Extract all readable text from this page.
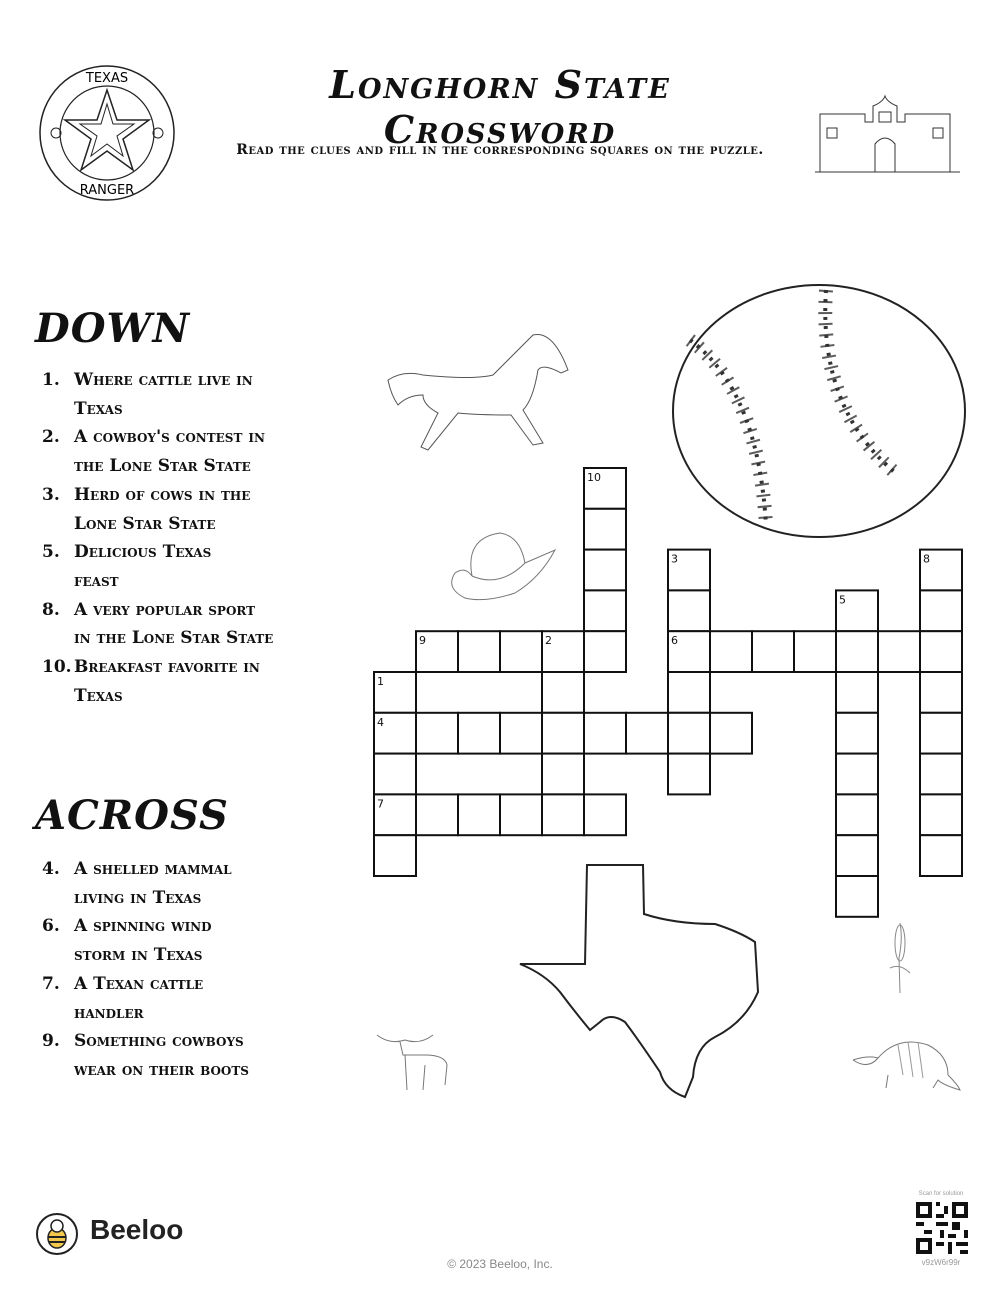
TEXAS
RANGER
Longhorn State Crossword
Read the clues and fill in the corresponding squares on the puzzle.
DOWN
1. Where cattle live in Texas
2. A cowboy's contest in the Lone Star State
3. Herd of cows in the Lone Star State
5. Delicious Texas feast
8. A very popular sport in the Lone Star State
10. Breakfast favorite in Texas
ACROSS
4. A shelled mammal living in Texas
6. A spinning wind storm in Texas
7. A Texan cattle handler
9. Something cowboys wear on their boots
10
3	8
5
9	2	6
1
4
7
Beeloo
© 2023 Beeloo, Inc.
Scan for solution
v9zW6r99r
